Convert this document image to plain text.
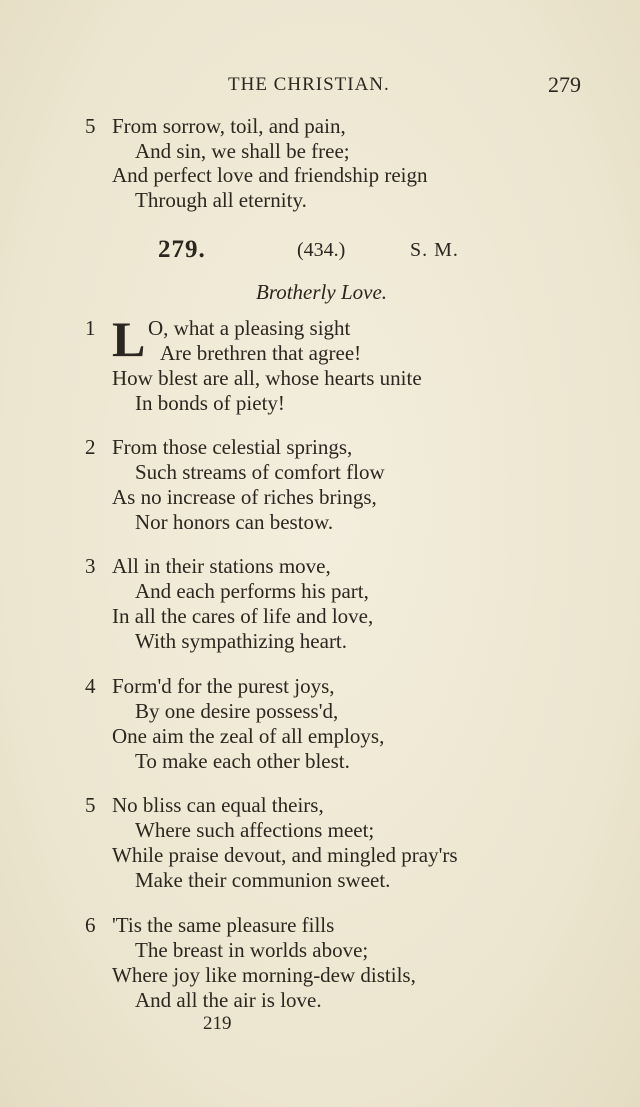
THE CHRISTIAN.	279
5 From sorrow, toil, and pain,
And sin, we shall be free;
And perfect love and friendship reign
Through all eternity.
279.	(434.)	S. M.
Brotherly Love.
1 L O, what a pleasing sight
Are brethren that agree!
How blest are all, whose hearts unite
In bonds of piety!
2 From those celestial springs,
Such streams of comfort flow
As no increase of riches brings,
Nor honors can bestow.
3 All in their stations move,
And each performs his part,
In all the cares of life and love,
With sympathizing heart.
4 Form'd for the purest joys,
By one desire possess'd,
One aim the zeal of all employs,
To make each other blest.
5 No bliss can equal theirs,
Where such affections meet;
While praise devout, and mingled pray'rs
Make their communion sweet.
6 'Tis the same pleasure fills
The breast in worlds above;
Where joy like morning-dew distils,
And all the air is love.
219
